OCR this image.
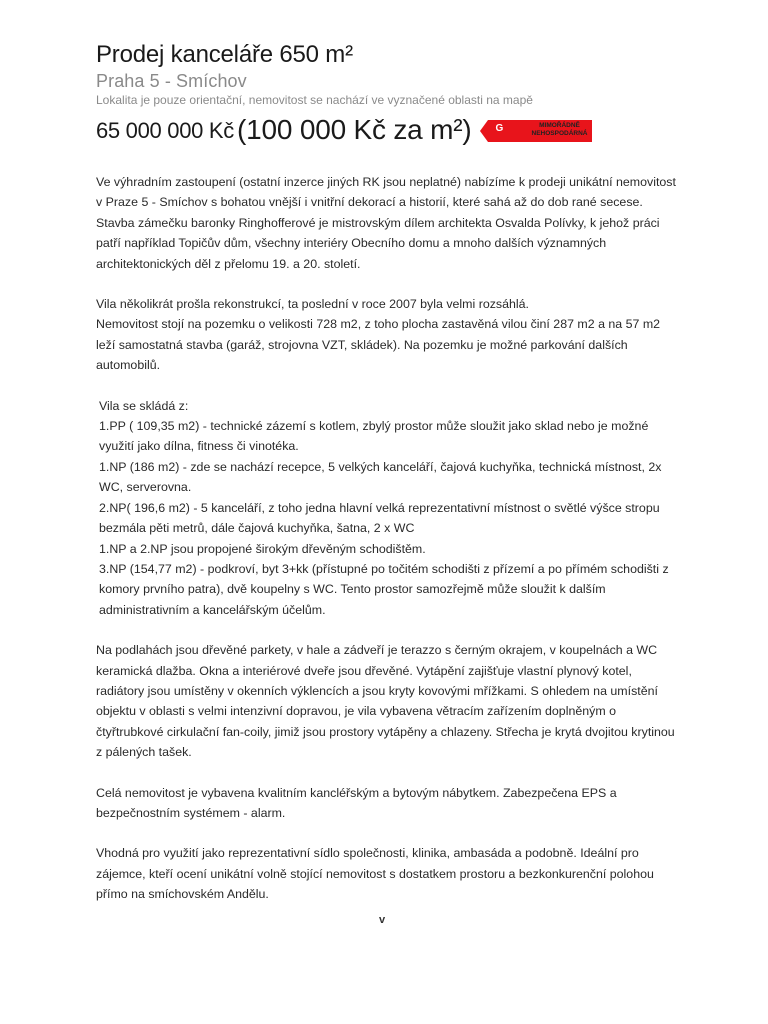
Prodej kanceláře 650 m²
Praha 5 - Smíchov
Lokalita je pouze orientační, nemovitost se nachází ve vyznačené oblasti na mapě
65 000 000 Kč (100 000 Kč za m²) G	MIMOŘÁDNĚ
NEHOSPODÁRNÁ

Ve výhradním zastoupení (ostatní inzerce jiných RK jsou neplatné) nabízíme k prodeji unikátní nemovitost v Praze 5 - Smíchov s bohatou vnější i vnitřní dekorací a historií, které sahá až do dob rané secese. Stavba zámečku baronky Ringhofferové je mistrovským dílem architekta Osvalda Polívky, k jehož práci patří například Topičův dům, všechny interiéry Obecního domu a mnoho dalších významných architektonických děl z přelomu 19. a 20. století.

Vila několikrát prošla rekonstrukcí, ta poslední v roce 2007 byla velmi rozsáhlá.
Nemovitost stojí na pozemku o velikosti 728 m2, z toho plocha zastavěná vilou činí 287 m2 a na 57 m2 leží samostatná stavba (garáž, strojovna VZT, skládek). Na pozemku je možné parkování dalších automobilů.

Vila se skládá z:
1.PP ( 109,35 m2) - technické zázemí s kotlem, zbylý prostor může sloužit jako sklad nebo je možné využití jako dílna, fitness či vinotéka.
1.NP (186 m2) - zde se nachází recepce, 5 velkých kanceláří, čajová kuchyňka, technická místnost, 2x WC, serverovna.
2.NP( 196,6 m2) - 5 kanceláří, z toho jedna hlavní velká reprezentativní místnost o světlé výšce stropu bezmála pěti metrů, dále čajová kuchyňka, šatna, 2 x WC
1.NP a 2.NP jsou propojené širokým dřevěným schodištěm.
3.NP (154,77 m2) - podkroví, byt 3+kk (přístupné po točitém schodišti z přízemí a po přímém schodišti z komory prvního patra), dvě koupelny s WC. Tento prostor samozřejmě může sloužit k dalším administrativním a kancelářským účelům.

Na podlahách jsou dřevěné parkety, v hale a zádveří je terazzo s černým okrajem, v koupelnách a WC keramická dlažba. Okna a interiérové dveře jsou dřevěné. Vytápění zajišťuje vlastní plynový kotel, radiátory jsou umístěny v okenních výklencích a jsou kryty kovovými mřížkami. S ohledem na umístění objektu v oblasti s velmi intenzivní dopravou, je vila vybavena větracím zařízením doplněným o čtyřtrubkové cirkulační fan-coily, jimiž jsou prostory vytápěny a chlazeny. Střecha je krytá dvojitou krytinou z pálených tašek.

Celá nemovitost je vybavena kvalitním kancléřským a bytovým nábytkem. Zabezpečena EPS a bezpečnostním systémem - alarm.

Vhodná pro využití jako reprezentativní sídlo společnosti, klinika, ambasáda a podobně. Ideální pro zájemce, kteří ocení unikátní volně stojící nemovitost s dostatkem prostoru a bezkonkurenční polohou přímo na smíchovském Andělu.

v
